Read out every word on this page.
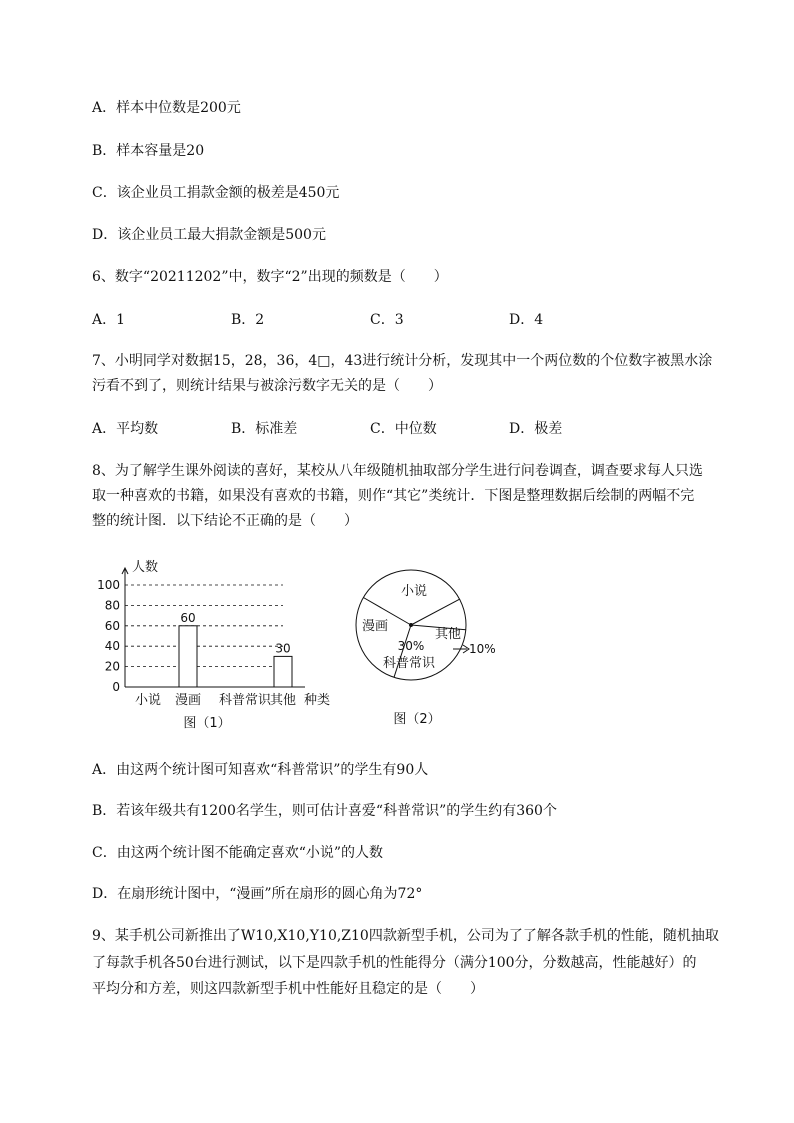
A．样本中位数是200元
B．样本容量是20
C．该企业员工捐款金额的极差是450元
D．该企业员工最大捐款金额是500元
6、数字“20211202”中，数字“2”出现的频数是（　　）
A．1	B．2	C．3	D．4
7、小明同学对数据15，28，36，4□，43进行统计分析，发现其中一个两位数的个位数字被黑水涂
污看不到了，则统计结果与被涂污数字无关的是（　　）
A．平均数	B．标准差	C．中位数	D．极差
8、为了解学生课外阅读的喜好，某校从八年级随机抽取部分学生进行问卷调查，调查要求每人只选
取一种喜欢的书籍，如果没有喜欢的书籍，则作“其它”类统计．下图是整理数据后绘制的两幅不完
整的统计图．以下结论不正确的是（　　）
0
20
40
60
80
100
人数
小说 漫画 科普常识
其他 种类
60
30
图（1）
小说
漫画
30%
科普常识
其他
10%
图（2）
A．由这两个统计图可知喜欢“科普常识”的学生有90人
B．若该年级共有1200名学生，则可估计喜爱“科普常识”的学生约有360个
C．由这两个统计图不能确定喜欢“小说”的人数
D．在扇形统计图中，“漫画”所在扇形的圆心角为72°
9、某手机公司新推出了W10,X10,Y10,Z10四款新型手机，公司为了了解各款手机的性能，随机抽取
了每款手机各50台进行测试，以下是四款手机的性能得分（满分100分，分数越高，性能越好）的
平均分和方差，则这四款新型手机中性能好且稳定的是（　　）
